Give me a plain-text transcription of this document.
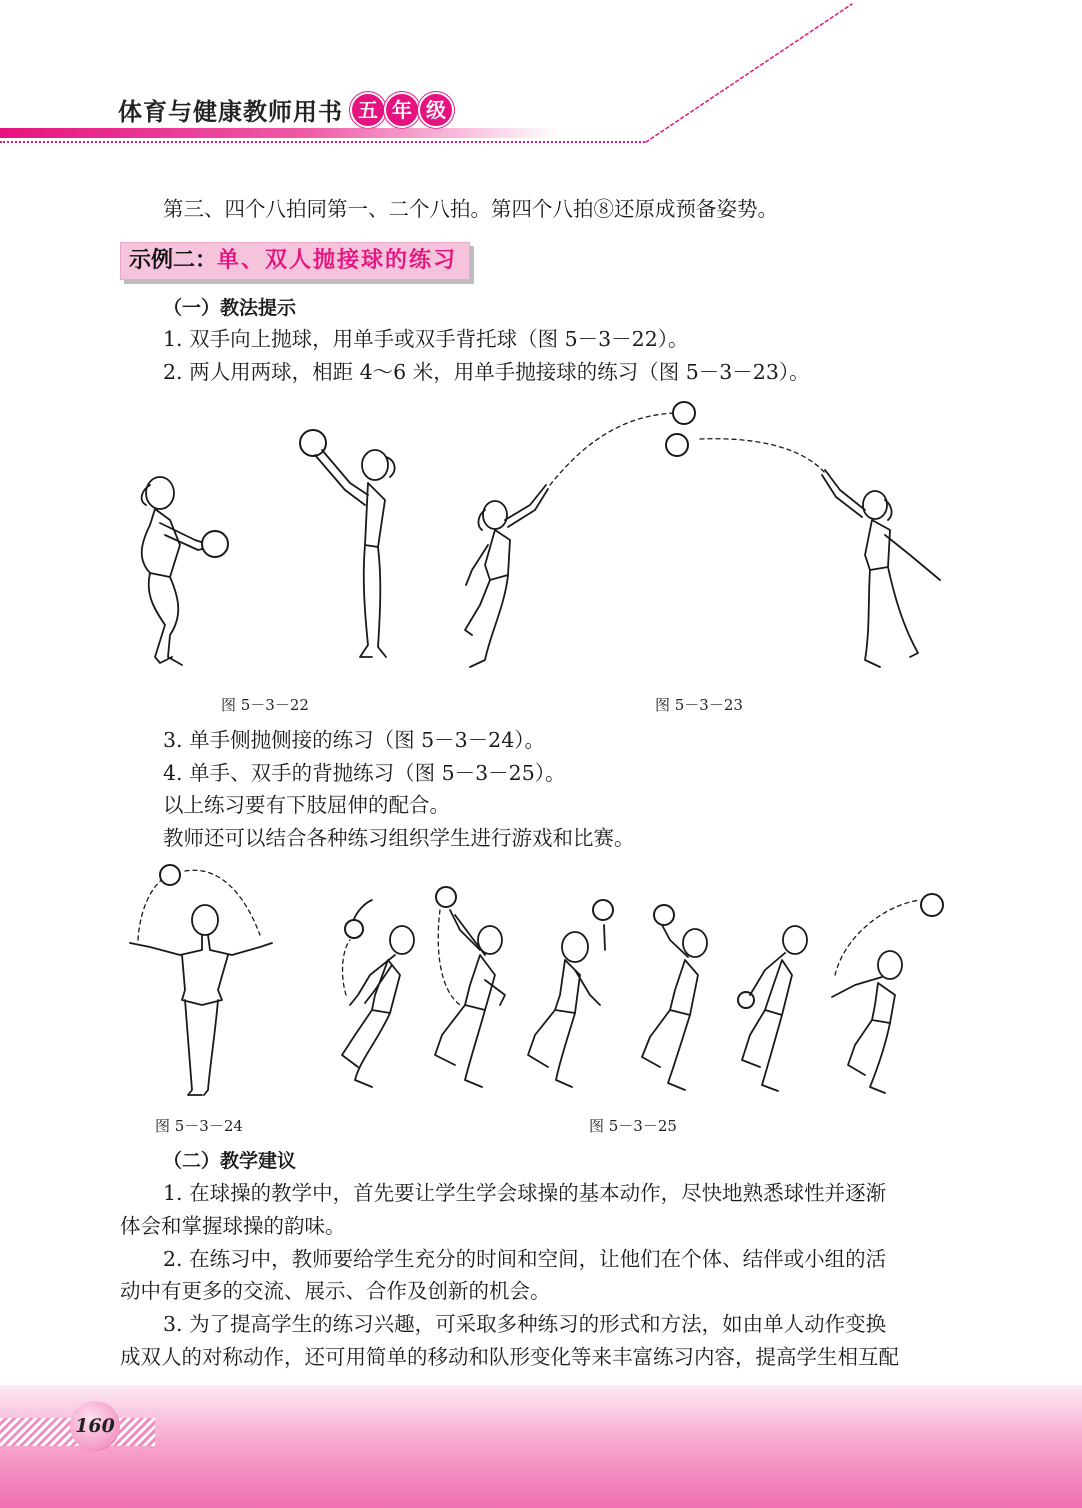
体育与健康教师用书 五 年 级
第三、四个八拍同第一、二个八拍。第四个八拍⑧还原成预备姿势。
示例二：单、双人抛接球的练习
（一）教法提示
1. 双手向上抛球，用单手或双手背托球（图 5－3－22）。
2. 两人用两球，相距 4～6 米，用单手抛接球的练习（图 5－3－23）。
图 5－3－22	图 5－3－23
3. 单手侧抛侧接的练习（图 5－3－24）。
4. 单手、双手的背抛练习（图 5－3－25）。
以上练习要有下肢屈伸的配合。
教师还可以结合各种练习组织学生进行游戏和比赛。
图 5－3－24	图 5－3－25
（二）教学建议
1. 在球操的教学中，首先要让学生学会球操的基本动作，尽快地熟悉球性并逐渐
体会和掌握球操的韵味。
2. 在练习中，教师要给学生充分的时间和空间，让他们在个体、结伴或小组的活
动中有更多的交流、展示、合作及创新的机会。
3. 为了提高学生的练习兴趣，可采取多种练习的形式和方法，如由单人动作变换
成双人的对称动作，还可用简单的移动和队形变化等来丰富练习内容，提高学生相互配
160
